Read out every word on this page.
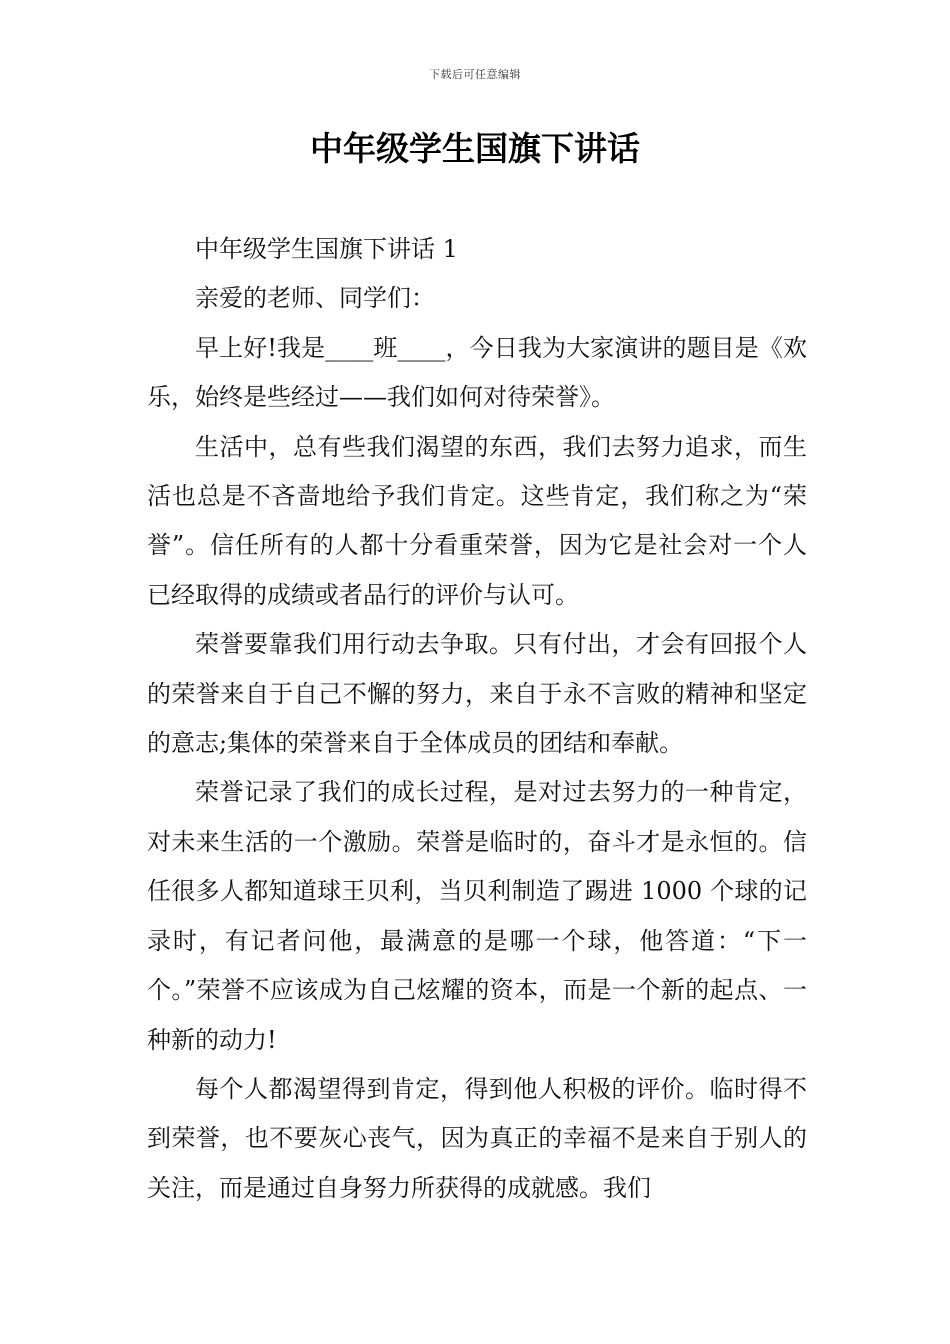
下载后可任意编辑
中年级学生国旗下讲话

中年级学生国旗下讲话 1

亲爱的老师、同学们：

早上好!我是____班____，今日我为大家演讲的题目是《欢乐，始终是些经过——我们如何对待荣誉》。

生活中，总有些我们渴望的东西，我们去努力追求，而生活也总是不吝啬地给予我们肯定。这些肯定，我们称之为“荣誉”。信任所有的人都十分看重荣誉，因为它是社会对一个人已经取得的成绩或者品行的评价与认可。

荣誉要靠我们用行动去争取。只有付出，才会有回报个人的荣誉来自于自己不懈的努力，来自于永不言败的精神和坚定的意志;集体的荣誉来自于全体成员的团结和奉献。

荣誉记录了我们的成长过程，是对过去努力的一种肯定，对未来生活的一个激励。荣誉是临时的，奋斗才是永恒的。信任很多人都知道球王贝利，当贝利制造了踢进 1000 个球的记录时，有记者问他，最满意的是哪一个球，他答道：“下一个。”荣誉不应该成为自己炫耀的资本，而是一个新的起点、一种新的动力!

每个人都渴望得到肯定，得到他人积极的评价。临时得不到荣誉，也不要灰心丧气，因为真正的幸福不是来自于别人的关注，而是通过自身努力所获得的成就感。我们
